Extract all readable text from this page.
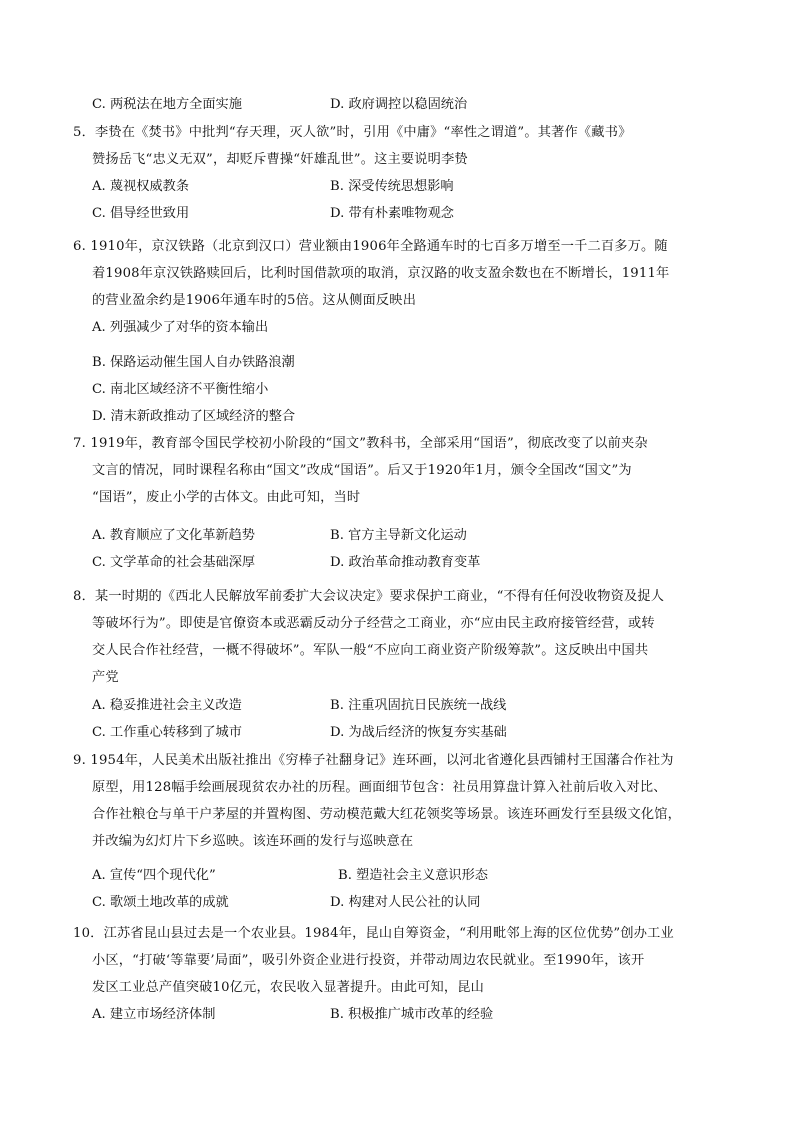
C. 两税法在地方全面实施	D. 政府调控以稳固统治
5．李贽在《焚书》中批判“存天理，灭人欲”时，引用《中庸》“率性之谓道”。其著作《藏书》
赞扬岳飞“忠义无双”，却贬斥曹操“奸雄乱世”。这主要说明李贽
A. 蔑视权威教条	B. 深受传统思想影响
C. 倡导经世致用	D. 带有朴素唯物观念
6. 1910年，京汉铁路（北京到汉口）营业额由1906年全路通车时的七百多万增至一千二百多万。随
着1908年京汉铁路赎回后，比利时国借款项的取消，京汉路的收支盈余数也在不断增长，1911年
的营业盈余约是1906年通车时的5倍。这从侧面反映出
A. 列强减少了对华的资本输出
B. 保路运动催生国人自办铁路浪潮
C. 南北区域经济不平衡性缩小
D. 清末新政推动了区域经济的整合
7. 1919年，教育部令国民学校初小阶段的“国文”教科书，全部采用“国语”，彻底改变了以前夹杂
文言的情况，同时课程名称由“国文”改成“国语”。后又于1920年1月，颁令全国改“国文”为
“国语”，废止小学的古体文。由此可知，当时
A. 教育顺应了文化革新趋势	B. 官方主导新文化运动
C. 文学革命的社会基础深厚	D. 政治革命推动教育变革
8．某一时期的《西北人民解放军前委扩大会议决定》要求保护工商业，“不得有任何没收物资及捉人
等破坏行为”。即使是官僚资本或恶霸反动分子经营之工商业，亦“应由民主政府接管经营，或转
交人民合作社经营，一概不得破坏”。军队一般“不应向工商业资产阶级筹款”。这反映出中国共
产党
A. 稳妥推进社会主义改造	B. 注重巩固抗日民族统一战线
C. 工作重心转移到了城市	D. 为战后经济的恢复夯实基础
9. 1954年，人民美术出版社推出《穷棒子社翻身记》连环画，以河北省遵化县西铺村王国藩合作社为
原型，用128幅手绘画展现贫农办社的历程。画面细节包含：社员用算盘计算入社前后收入对比、
合作社粮仓与单干户茅屋的并置构图、劳动模范戴大红花领奖等场景。该连环画发行至县级文化馆，
并改编为幻灯片下乡巡映。该连环画的发行与巡映意在
A. 宣传“四个现代化”	B. 塑造社会主义意识形态
C. 歌颂土地改革的成就	D. 构建对人民公社的认同
10．江苏省昆山县过去是一个农业县。1984年，昆山自筹资金，“利用毗邻上海的区位优势”创办工业
小区，“打破‘等靠要’局面”，吸引外资企业进行投资，并带动周边农民就业。至1990年，该开
发区工业总产值突破10亿元，农民收入显著提升。由此可知，昆山
A. 建立市场经济体制	B. 积极推广城市改革的经验
